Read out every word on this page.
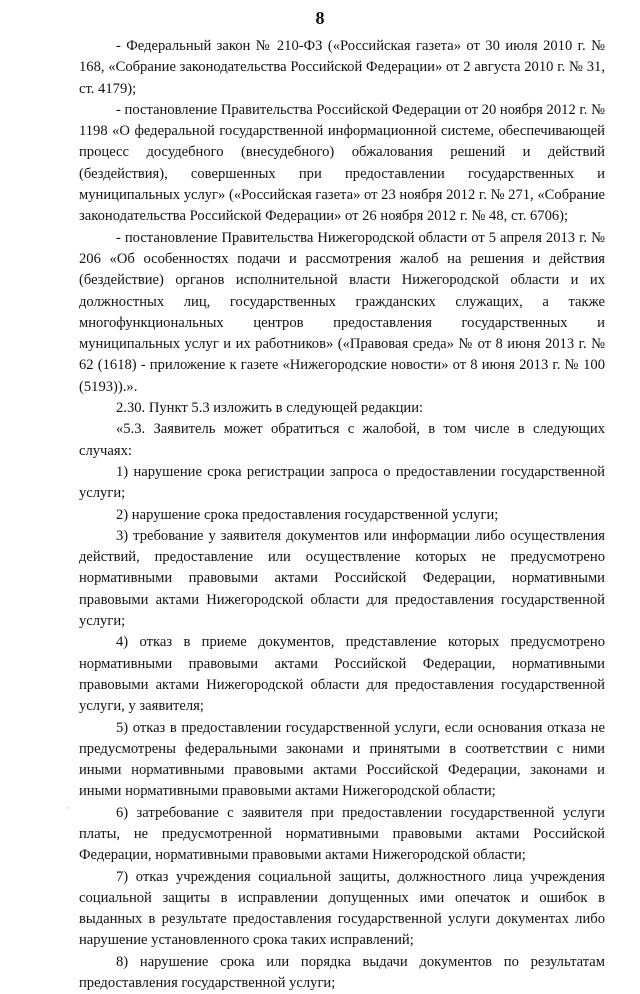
8

- Федеральный закон № 210-ФЗ («Российская газета» от 30 июля 2010 г. № 168, «Собрание законодательства Российской Федерации» от 2 августа 2010 г. № 31, ст. 4179);

- постановление Правительства Российской Федерации от 20 ноября 2012 г. № 1198 «О федеральной государственной информационной системе, обеспечивающей процесс досудебного (внесудебного) обжалования решений и действий (бездействия), совершенных при предоставлении государственных и муниципальных услуг» («Российская газета» от 23 ноября 2012 г. № 271, «Собрание законодательства Российской Федерации» от 26 ноября 2012 г. № 48, ст. 6706);

- постановление Правительства Нижегородской области от 5 апреля 2013 г. № 206 «Об особенностях подачи и рассмотрения жалоб на решения и действия (бездействие) органов исполнительной власти Нижегородской области и их должностных лиц, государственных гражданских служащих, а также многофункциональных центров предоставления государственных и муниципальных услуг и их работников» («Правовая среда» № от 8 июня 2013 г. № 62 (1618) - приложение к газете «Нижегородские новости» от 8 июня 2013 г. № 100 (5193)).».

2.30. Пункт 5.3 изложить в следующей редакции:

«5.3. Заявитель может обратиться с жалобой, в том числе в следующих случаях:

1) нарушение срока регистрации запроса о предоставлении государственной услуги;

2) нарушение срока предоставления государственной услуги;

3) требование у заявителя документов или информации либо осуществления действий, предоставление или осуществление которых не предусмотрено нормативными правовыми актами Российской Федерации, нормативными правовыми актами Нижегородской области для предоставления государственной услуги;

4) отказ в приеме документов, представление которых предусмотрено нормативными правовыми актами Российской Федерации, нормативными правовыми актами Нижегородской области для предоставления государственной услуги, у заявителя;

5) отказ в предоставлении государственной услуги, если основания отказа не предусмотрены федеральными законами и принятыми в соответствии с ними иными нормативными правовыми актами Российской Федерации, законами и иными нормативными правовыми актами Нижегородской области;

6) затребование с заявителя при предоставлении государственной услуги платы, не предусмотренной нормативными правовыми актами Российской Федерации, нормативными правовыми актами Нижегородской области;

7) отказ учреждения социальной защиты, должностного лица учреждения социальной защиты в исправлении допущенных ими опечаток и ошибок в выданных в результате предоставления государственной услуги документах либо нарушение установленного срока таких исправлений;

8) нарушение срока или порядка выдачи документов по результатам предоставления государственной услуги;

·
